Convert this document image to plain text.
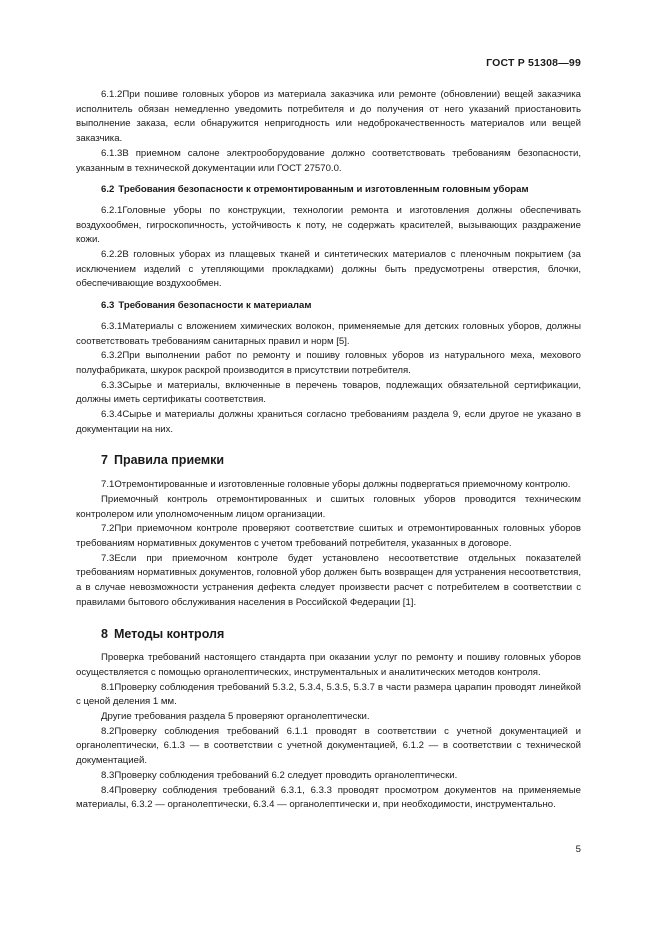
ГОСТ Р 51308—99
6.1.2При пошиве головных уборов из материала заказчика или ремонте (обновлении) вещей заказчика исполнитель обязан немедленно уведомить потребителя и до получения от него указаний приостановить выполнение заказа, если обнаружится непригодность или недоброкачественность материалов или вещей заказчика.
6.1.3В приемном салоне электрооборудование должно соответствовать требованиям безопасности, указанным в технической документации или ГОСТ 27570.0.
6.2 Требования безопасности к отремонтированным и изготовленным головным уборам
6.2.1Головные уборы по конструкции, технологии ремонта и изготовления должны обеспечивать воздухообмен, гигроскопичность, устойчивость к поту, не содержать красителей, вызывающих раздражение кожи.
6.2.2В головных уборах из плащевых тканей и синтетических материалов с пленочным покрытием (за исключением изделий с утепляющими прокладками) должны быть предусмотрены отверстия, блочки, обеспечивающие воздухообмен.
6.3 Требования безопасности к материалам
6.3.1Материалы с вложением химических волокон, применяемые для детских головных уборов, должны соответствовать требованиям санитарных правил и норм [5].
6.3.2При выполнении работ по ремонту и пошиву головных уборов из натурального меха, мехового полуфабриката, шкурок раскрой производится в присутствии потребителя.
6.3.3Сырье и материалы, включенные в перечень товаров, подлежащих обязательной сертификации, должны иметь сертификаты соответствия.
6.3.4Сырье и материалы должны храниться согласно требованиям раздела 9, если другое не указано в документации на них.
7 Правила приемки
7.1Отремонтированные и изготовленные головные уборы должны подвергаться приемочному контролю.
Приемочный контроль отремонтированных и сшитых головных уборов проводится техническим контролером или уполномоченным лицом организации.
7.2При приемочном контроле проверяют соответствие сшитых и отремонтированных головных уборов требованиям нормативных документов с учетом требований потребителя, указанных в договоре.
7.3Если при приемочном контроле будет установлено несоответствие отдельных показателей требованиям нормативных документов, головной убор должен быть возвращен для устранения несоответствия, а в случае невозможности устранения дефекта следует произвести расчет с потребителем в соответствии с правилами бытового обслуживания населения в Российской Федерации [1].
8 Методы контроля
Проверка требований настоящего стандарта при оказании услуг по ремонту и пошиву головных уборов осуществляется с помощью органолептических, инструментальных и аналитических методов контроля.
8.1Проверку соблюдения требований 5.3.2, 5.3.4, 5.3.5, 5.3.7 в части размера царапин проводят линейкой с ценой деления 1 мм.
Другие требования раздела 5 проверяют органолептически.
8.2Проверку соблюдения требований 6.1.1 проводят в соответствии с учетной документацией и органолептически, 6.1.3 — в соответствии с учетной документацией, 6.1.2 — в соответствии с технической документацией.
8.3Проверку соблюдения требований 6.2 следует проводить органолептически.
8.4Проверку соблюдения требований 6.3.1, 6.3.3 проводят просмотром документов на применяемые материалы, 6.3.2 — органолептически, 6.3.4 — органолептически и, при необходимости, инструментально.
5
